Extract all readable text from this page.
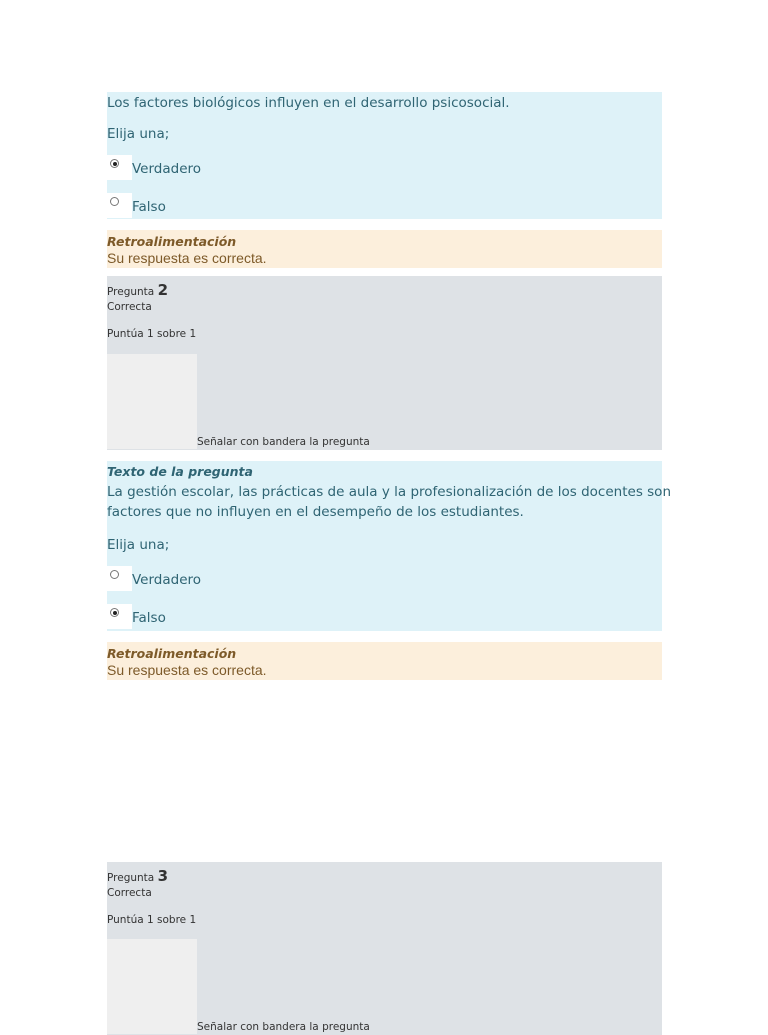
Los factores biológicos influyen en el desarrollo psicosocial.
Elija una;
Verdadero
Falso
Retroalimentación
Su respuesta es correcta.
Pregunta 2
Correcta
Puntúa 1 sobre 1
Señalar con bandera la pregunta
Texto de la pregunta
La gestión escolar, las prácticas de aula y la profesionalización de los docentes son
factores que no influyen en el desempeño de los estudiantes.
Elija una;
Verdadero
Falso
Retroalimentación
Su respuesta es correcta.
Pregunta 3
Correcta
Puntúa 1 sobre 1
Señalar con bandera la pregunta
